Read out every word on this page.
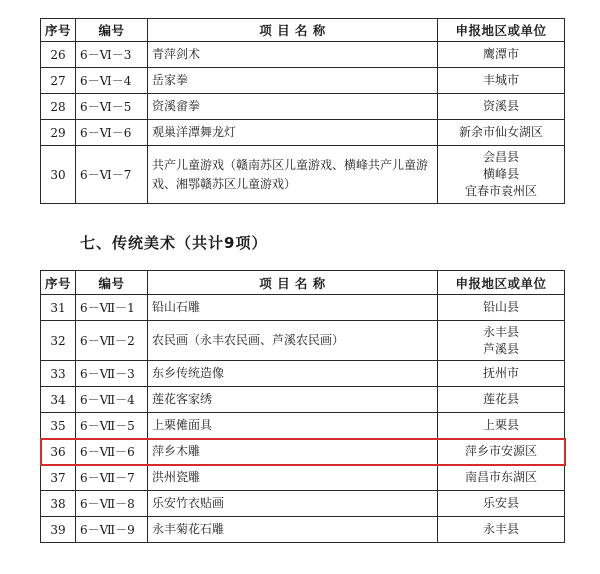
序号	编号	项 目 名 称	申报地区或单位
26	6－Ⅵ－3	青萍剑术	鹰潭市
27	6－Ⅵ－4	岳家拳	丰城市
28	6－Ⅵ－5	资溪畲拳	资溪县
29	6－Ⅵ－6	观巢洋潭舞龙灯	新余市仙女湖区
30	6－Ⅵ－7	共产儿童游戏（赣南苏区儿童游戏、横峰共产儿童游戏、湘鄂赣苏区儿童游戏）	会昌县
横峰县
宜春市袁州区
七、传统美术（共计9项）
序号	编号	项 目 名 称	申报地区或单位
31	6－Ⅶ－1	铅山石雕	铅山县
32	6－Ⅶ－2	农民画（永丰农民画、芦溪农民画）	永丰县
芦溪县

33	6－Ⅶ－3	东乡传统造像	抚州市
34	6－Ⅶ－4	莲花客家绣	莲花县
35	6－Ⅶ－5	上栗傩面具	上栗县
36	6－Ⅶ－6	萍乡木雕	萍乡市安源区
37	6－Ⅶ－7	洪州瓷雕	南昌市东湖区
38	6－Ⅶ－8	乐安竹衣贴画	乐安县
39	6－Ⅶ－9	永丰菊花石雕	永丰县
